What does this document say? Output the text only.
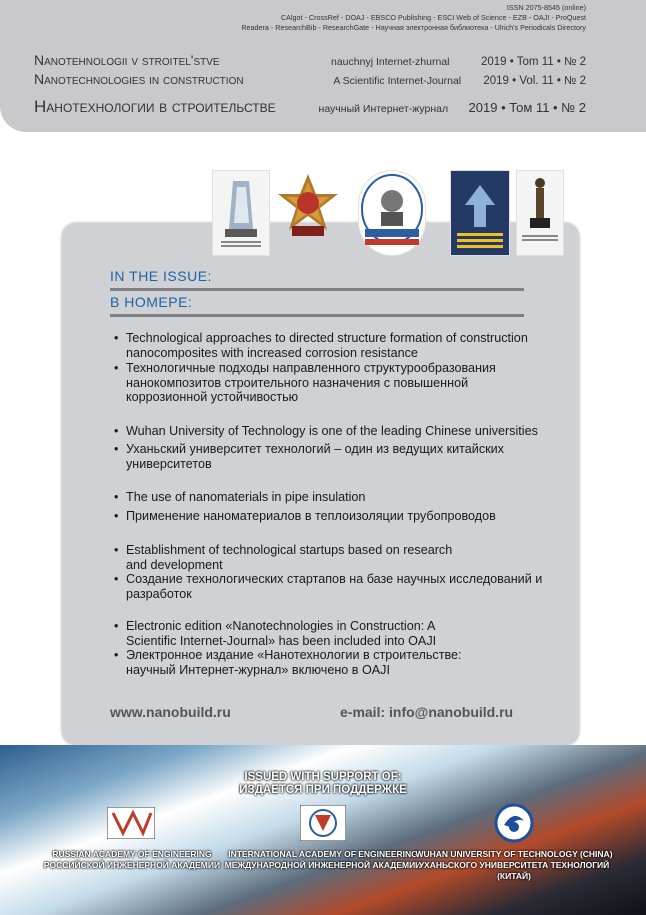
ISSN 2075-8545 (online)
CAlgot - CrossRef - DOAJ - EBSCO Publishing - ESCI Web of Science - EZB - OAJI - ProQuest
Readera - ResearchBib - ResearchGate - Научная электронная библиотека - Ulrich's Periodicals Directory
Nanotehnologii v stroitel'stve	nauchnyj Internet-zhurnal	2019 • Tom 11 • № 2
Nanotechnologies in construction	A Scientific Internet-Journal	2019 • Vol. 11 • № 2
Нанотехнологии в строительстве	научный Интернет-журнал	2019 • Том 11 • № 2
IN THE ISSUE:
В НОМЕРЕ:
• Technological approaches to directed structure formation of construction nanocomposites with increased corrosion resistance
• Технологичные подходы направленного структурообразования нанокомпозитов строительного назначения с повышенной коррозионной устойчивостью
• Wuhan University of Technology is one of the leading Chinese universities
• Уханьский университет технологий – один из ведущих китайских университетов
• The use of nanomaterials in pipe insulation
• Применение наноматериалов в теплоизоляции трубопроводов
• Establishment of technological startups based on research and development
• Создание технологических стартапов на базе научных исследований и разработок
• Electronic edition «Nanotechnologies in Construction: A Scientific Internet-Journal» has been included into OAJI
• Электронное издание «Нанотехнологии в строительстве: научный Интернет-журнал» включено в OAJI
www.nanobuild.ru	e-mail: info@nanobuild.ru
ISSUED WITH SUPPORT OF:
ИЗДАЕТСЯ ПРИ ПОДДЕРЖКЕ
RUSSIAN ACADEMY OF ENGINEERING
РОССИЙСКОЙ ИНЖЕНЕРНОЙ АКАДЕМИИ
INTERNATIONAL ACADEMY OF ENGINEERING
МЕЖДУНАРОДНОЙ ИНЖЕНЕРНОЙ АКАДЕМИИ
WUHAN UNIVERSITY OF TECHNOLOGY (CHINA)
УХАНЬСКОГО УНИВЕРСИТЕТА ТЕХНОЛОГИЙ (КИТАЙ)
